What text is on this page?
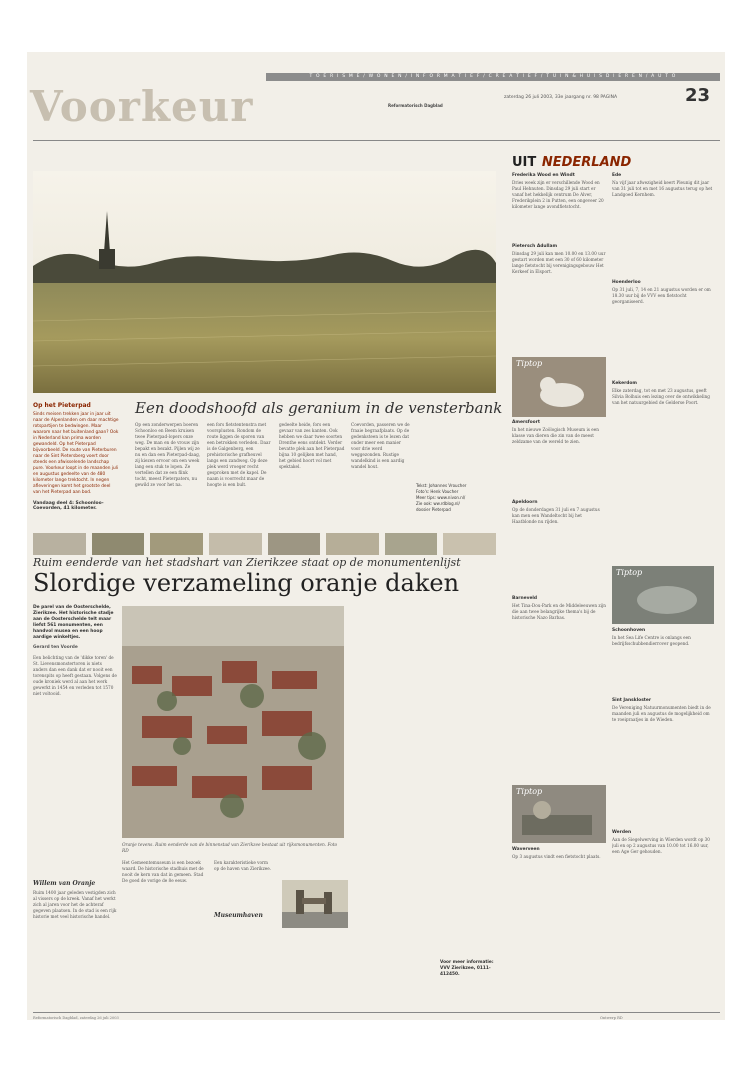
T O E R I S M E / W O N E N / I N F O R M A T I E F / C R E A T I E F / T U I N & H U I S D I E R E N / A U T O
Voorkeur	Reformatorisch Dagblad
zaterdag 26 juli 2003, 33e jaargang nr. 98 PAGINA	23
Op het Pieterpad
Sinds meisen trekken jaar in jaar uit naar de Alpenlanden om daar machtige rotspartijen te bedwingen. Maar waarom naar het buitenland gaan? Ook in Nederland kan prima worden gewandeld. Op het Pieterpad bijvoorbeeld. De route van Pieterburen naar de Sint Pietersberg voert door steeds een afwisselende landschap pure. Voorkeur loopt in de maanden juli en augustus gedeelte van de 480 kilometer lange trektocht. In negen afleveringen komt het grootste deel van het Pieterpad aan bod.
Vandaag deel 4: Schoonloo-Coevorden, 41 kilometer.
Een doodshoofd als geranium in de vensterbank
Op een zonderwerpen boeren Schoonloo en Beem kruisen twee Pieterpad-lopers onze weg. De man en de vrouw zijn bepakt en bezakt. Pijlen wij ze nu en dan een Pieterpad-daag, zij kiezen ervoor om een week lang een stuk te lopen. Ze vertellen dat ze een flink tocht, meest Pieterpaters, nu gewild ze voor het na.
een fors fietstentenstra met voorsplusten. Rondom de route liggen de sporen van een betrokken verleden. Daar is de Galgenberg, een prehistorische grafheuvel langs een zandweg. Op deze plek werd vroeger recht gesproken met de kapel. De naam is voorrecht maar de hoogte is een bult.
gedeelte heide, fors een gevaar van zes kanten. Ook hebben we daar twee soorten Drenthe eens ontdekt. Verder bevatte plek aan het Pieterpad bijna 10 gelijken met hand, het gebied hoort vol met spektakel.
Coevorden, passeren we de fraaie begraafplaats. Op de gedenksteen is te lezen dat onder meer een manier voor drie werd weggezonden. Rustige wandelkind is een aardig wandel hout.
Tekst: Johannes Vroucher
Foto's: Henk Voucher
Meer tips: www.nivon.nl/
Zie ook: ww.rdblog.nl/
dossier Pieterpad
Ruim eenderde van het stadshart van Zierikzee staat op de monumentenlijst
Slordige verzameling oranje daken
De parel van de Oosterschelde, Zierikzee. Het historische stadje aan de Oosterschelde telt maar liefst 561 monumenten, een handvol musea en een hoop aardige winkeltjes.
Gerard ten Voorde
Een belichting van de 'dikke toren' de St. Lievensmonstertoren is niets anders dan een dank dat er nooit een torenspits op heeft gestaan. Volgens de oude kroniek werd al aan het werk gewerkt in 1454 en verleden tot 1570 niet voltooid.
Willem van Oranje
Ruim 1400 jaar geleden vestigden zich al vissers op de kreek. Vanaf het werkt zich al jaren voor het de achteraf gegeven plaatsen. In de stad is een rijk historie met veel historische handel.
Oranje tevens. Ruim eenderde van de binnenstad van Zierikzee bestaat uit rijksmonumenten. Foto RD
Museumhaven
Het Gemeentemuseum is een bezoek waard. De historische stadhuis met de nooit de kern van dat in gemeen. Stad De goed de vorige de 8e eeuw.
Een karakteristieke vorm op de haven van Zierikzee.
Voor meer informatie: VVV Zierikzee, 0111-412450.
Reformatorisch Dagblad, zaterdag 26 juli 2003	Ontwerp RD
UIT NEDERLAND
Frederika Wood en Windt
Dries week zijn er verschillende Wood en Paul Hehnuten. Dinsdag 29 juli start er vanaf het hekkelijk centrum De Alver, Frederikplein 2 in Putten, een ongeveer 20 kilometer lange avondfietstocht.
Pietersch Adullam
Dinsdag 29 juli kan men 10.00 en 13.00 uur gestart worden met een 30 of 60 kilometer lange fietstocht bij verenigingsgebouw Het Kerkeef in Elsport.
Tiptop
Amersfoort
In het nieuwe Zoölogisch Museum is een klasse van dieren die zin van de meest zeldzame van de wereld te zien.
Apeldoorn
Op de donderdagen 31 juli en 7 augustus kan men een Wandeltocht bij het Haatblonde nu rijden.
Barneveld
Het Tina-Dou-Park en de Middeleeuwen zijn die aan twee belangrijke thema's bij de historische Nazo Barbas.
Tiptop
Waverveen
Op 3 augustus vindt een fietstocht plaats.
Ede
Na vijf jaar afwezigheid keert Pleunig dit jaar van 31 juli tot en met 16 augustus terug op het Landgoed Kernhem.
Hoenderloo
Op 31 juli, 7, 14 en 21 augustus worden er om 18.30 uur bij de VVV een fietstocht georganiseerd.
Kekerdom
Elke zaterdag, tot en met 23 augustus, geeft Silvia Bolhuis een lezing over de ontwikkeling van het natuurgebied de Gelderse Poort.
Tiptop
Schoonhoven
In het Sea Life Centre is onlangs een bedrijfsschubbendierrover geopend.
Sint Janskloster
De Vereniging Natuurmonumenten biedt in de maanden juli en augustus de mogelijkheid om te roeipraatjes in de Wieden.
Werden
Aan de Siegelwerving in Wierden wordt op 30 juli en op 2 augustus van 10.00 tot 16.00 uur, een Age Ger gehouden.
